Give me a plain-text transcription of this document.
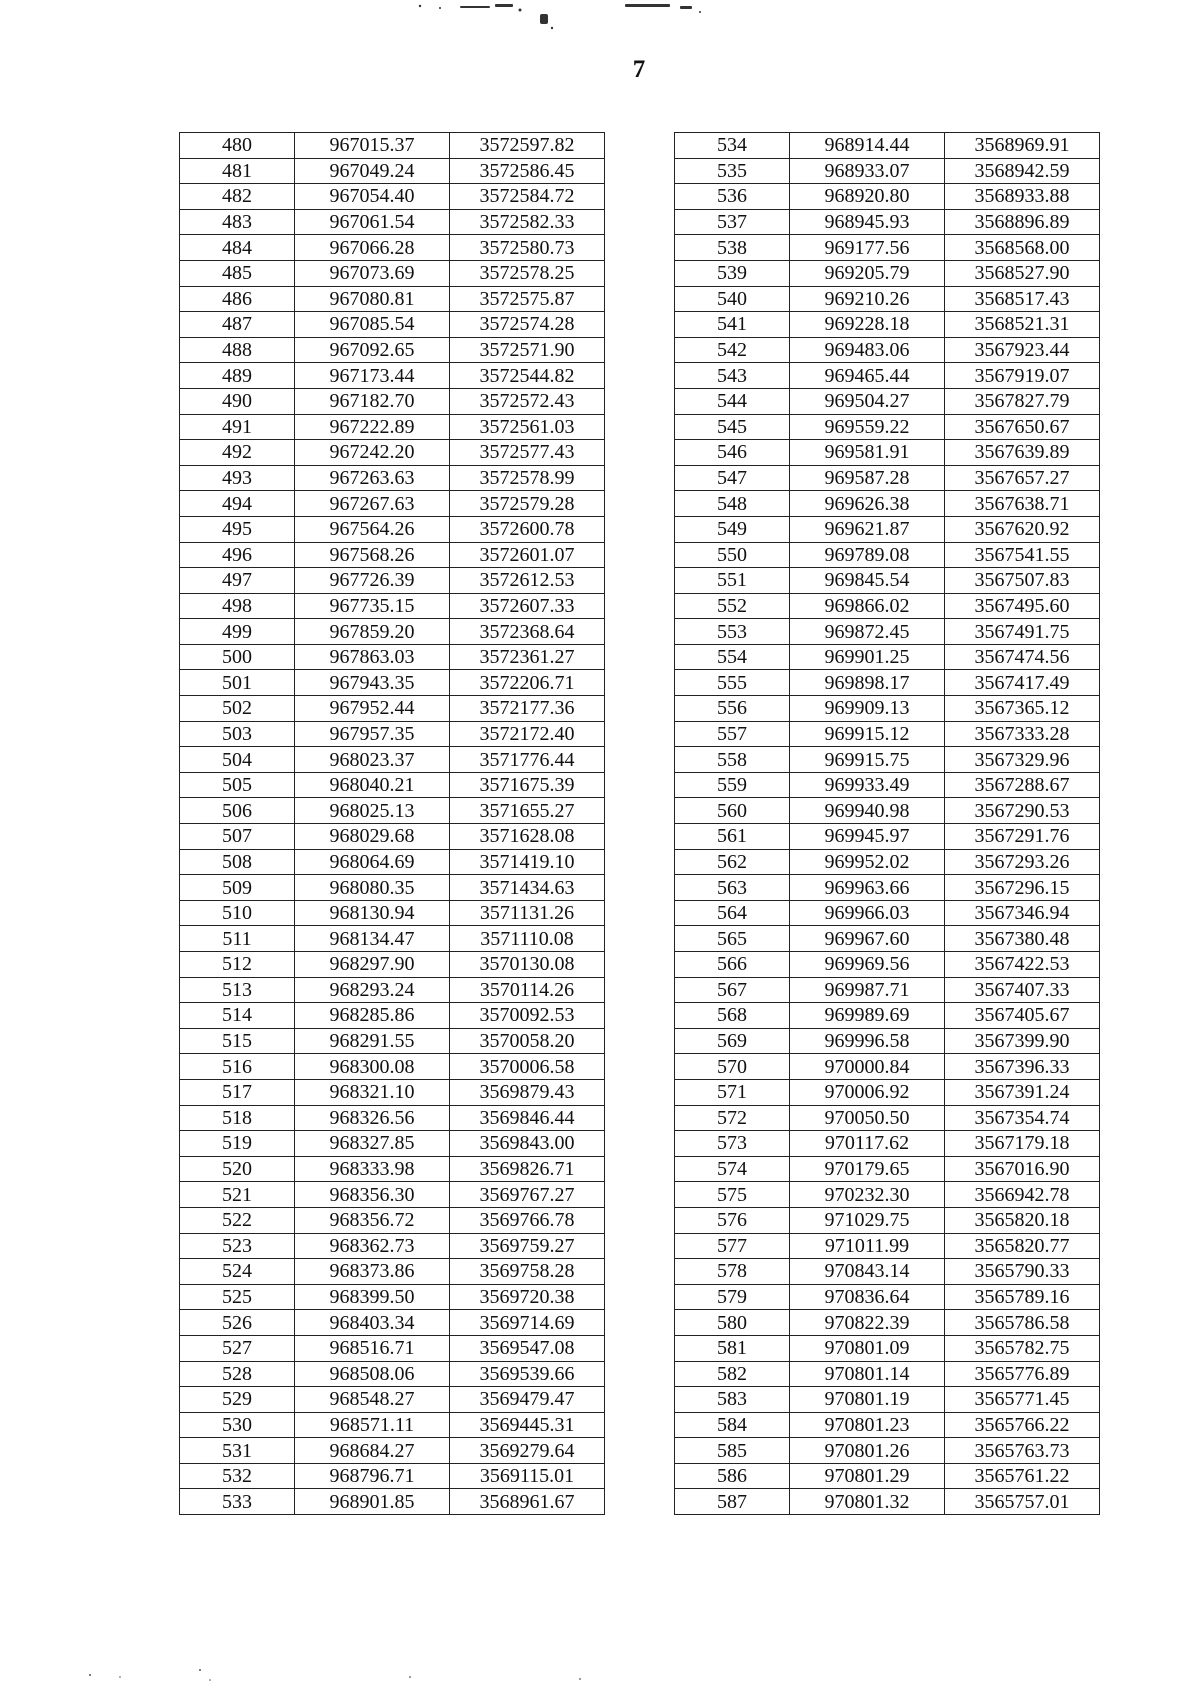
7
480	967015.37	3572597.82
481	967049.24	3572586.45
482	967054.40	3572584.72
483	967061.54	3572582.33
484	967066.28	3572580.73
485	967073.69	3572578.25
486	967080.81	3572575.87
487	967085.54	3572574.28
488	967092.65	3572571.90
489	967173.44	3572544.82
490	967182.70	3572572.43
491	967222.89	3572561.03
492	967242.20	3572577.43
493	967263.63	3572578.99
494	967267.63	3572579.28
495	967564.26	3572600.78
496	967568.26	3572601.07
497	967726.39	3572612.53
498	967735.15	3572607.33
499	967859.20	3572368.64
500	967863.03	3572361.27
501	967943.35	3572206.71
502	967952.44	3572177.36
503	967957.35	3572172.40
504	968023.37	3571776.44
505	968040.21	3571675.39
506	968025.13	3571655.27
507	968029.68	3571628.08
508	968064.69	3571419.10
509	968080.35	3571434.63
510	968130.94	3571131.26
511	968134.47	3571110.08
512	968297.90	3570130.08
513	968293.24	3570114.26
514	968285.86	3570092.53
515	968291.55	3570058.20
516	968300.08	3570006.58
517	968321.10	3569879.43
518	968326.56	3569846.44
519	968327.85	3569843.00
520	968333.98	3569826.71
521	968356.30	3569767.27
522	968356.72	3569766.78
523	968362.73	3569759.27
524	968373.86	3569758.28
525	968399.50	3569720.38
526	968403.34	3569714.69
527	968516.71	3569547.08
528	968508.06	3569539.66
529	968548.27	3569479.47
530	968571.11	3569445.31
531	968684.27	3569279.64
532	968796.71	3569115.01
533	968901.85	3568961.67
534	968914.44	3568969.91
535	968933.07	3568942.59
536	968920.80	3568933.88
537	968945.93	3568896.89
538	969177.56	3568568.00
539	969205.79	3568527.90
540	969210.26	3568517.43
541	969228.18	3568521.31
542	969483.06	3567923.44
543	969465.44	3567919.07
544	969504.27	3567827.79
545	969559.22	3567650.67
546	969581.91	3567639.89
547	969587.28	3567657.27
548	969626.38	3567638.71
549	969621.87	3567620.92
550	969789.08	3567541.55
551	969845.54	3567507.83
552	969866.02	3567495.60
553	969872.45	3567491.75
554	969901.25	3567474.56
555	969898.17	3567417.49
556	969909.13	3567365.12
557	969915.12	3567333.28
558	969915.75	3567329.96
559	969933.49	3567288.67
560	969940.98	3567290.53
561	969945.97	3567291.76
562	969952.02	3567293.26
563	969963.66	3567296.15
564	969966.03	3567346.94
565	969967.60	3567380.48
566	969969.56	3567422.53
567	969987.71	3567407.33
568	969989.69	3567405.67
569	969996.58	3567399.90
570	970000.84	3567396.33
571	970006.92	3567391.24
572	970050.50	3567354.74
573	970117.62	3567179.18
574	970179.65	3567016.90
575	970232.30	3566942.78
576	971029.75	3565820.18
577	971011.99	3565820.77
578	970843.14	3565790.33
579	970836.64	3565789.16
580	970822.39	3565786.58
581	970801.09	3565782.75
582	970801.14	3565776.89
583	970801.19	3565771.45
584	970801.23	3565766.22
585	970801.26	3565763.73
586	970801.29	3565761.22
587	970801.32	3565757.01
